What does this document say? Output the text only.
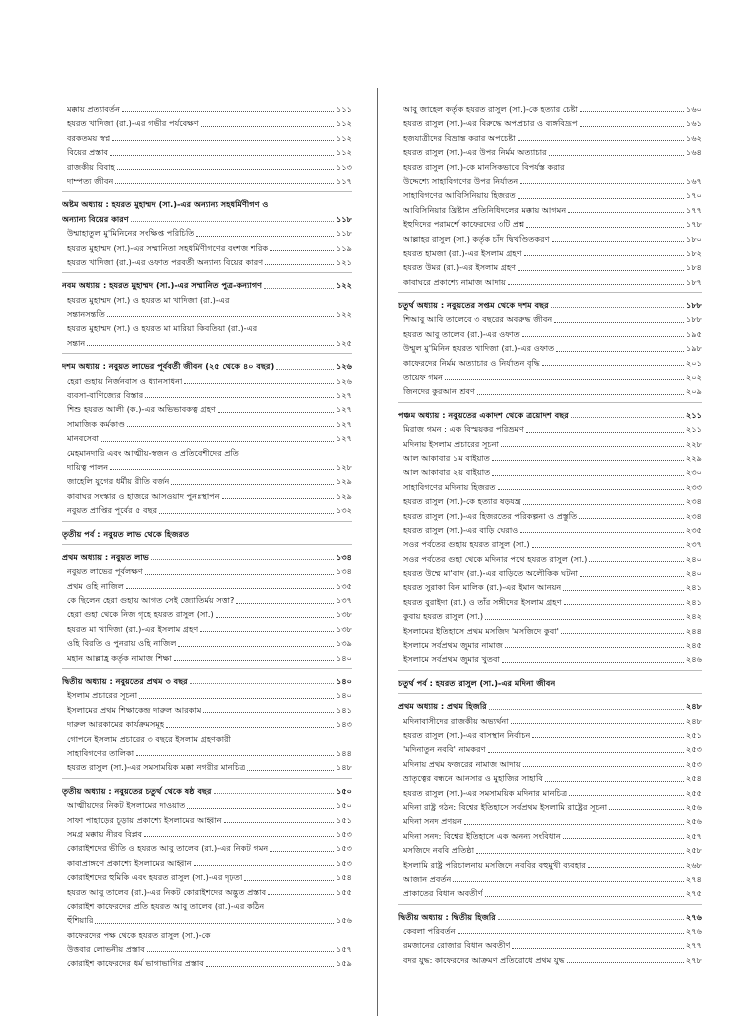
মক্কায় প্রত্যাবর্তন	১১১
হযরত খাদিজা (রা.)-এর গভীর পর্যবেক্ষণ	১১২
বরকতময় স্বপ্ন	১১২
বিয়ের প্রস্তাব	১১২
রাজকীয় বিবাহ	১১৩
দাম্পত্য জীবন	১১৭
অষ্টম অধ্যায় : হযরত মুহাম্মদ (সা.)-এর অন্যান্য সহধর্মিণীগণ ও
অন্যান্য বিয়ের কারণ	১১৮
উম্মাহাতুল মু'মিনিনের সংক্ষিপ্ত পরিচিতি	১১৮
হযরত মুহাম্মদ (সা.)-এর সম্মানিতা সহধর্মিণীগণের বংশজ শরিক	১১৯
হযরত খাদিজা (রা.)-এর ওফাত পরবর্তী অন্যান্য বিয়ের কারণ	১২১
নবম অধ্যায় : হযরত মুহাম্মদ (সা.)-এর সম্মানিত পুত্র-কন্যাগণ	১২২
হযরত মুহাম্মদ (সা.) ও হযরত মা খাদিজা (রা.)-এর
সন্তানসন্ততি	১২২
হযরত মুহাম্মদ (সা.) ও হযরত মা মারিয়া কিবতিয়া (রা.)-এর
সন্তান	১২৫
দশম অধ্যায় : নবুয়ত লাভের পূর্ববর্তী জীবন (২৫ থেকে ৪০ বছর)	১২৬
হেরা গুহায় নির্জনবাস ও ধ্যানসাধনা	১২৬
ব্যবসা-বাণিজ্যের বিস্তার	১২৭
শিশু হযরত আলী (ক.)-এর অভিভাবকত্ব গ্রহণ	১২৭
সামাজিক কর্মকাণ্ড	১২৭
মানবসেবা	১২৭
মেহমানদারি এবং আত্মীয়-স্বজন ও প্রতিবেশীদের প্রতি
দায়িত্ব পালন	১২৮
জাহেলি যুগের ধর্মীয় রীতি বর্জন	১২৯
কাবাঘর সংস্কার ও হাজরে আসওয়াদ পুনঃস্থাপন	১২৯
নবুয়ত প্রাপ্তির পূর্বের ৫ বছর	১৩২
তৃতীয় পর্ব : নবুয়ত লাভ থেকে হিজরত
প্রথম অধ্যায় : নবুয়ত লাভ	১৩৪
নবুয়ত লাভের পূর্বলক্ষণ	১৩৪
প্রথম ওহি নাজিল	১৩৫
কে ছিলেন হেরা গুহায় আগত সেই জ্যোতির্ময় সত্তা?	১৩৭
হেরা গুহা থেকে নিজ গৃহে হযরত রাসুল (সা.)	১৩৮
হযরত মা খাদিজা (রা.)-এর ইসলাম গ্রহণ	১৩৮
ওহি বিরতি ও পুনরায় ওহি নাজিল	১৩৯
মহান আল্লাহ্র কর্তৃক নামাজ শিক্ষা	১৪০
দ্বিতীয় অধ্যায় : নবুয়তের প্রথম ৩ বছর	১৪০
ইসলাম প্রচারের সূচনা	১৪০
ইসলামের প্রথম শিক্ষাকেন্দ্র দারুল আরকাম	১৪১
দারুল আরকামের কার্যক্রমসমূহ	১৪৩
গোপনে ইসলাম প্রচারের ৩ বছরে ইসলাম গ্রহণকারী
সাহাবিগণের তালিকা	১৪৪
হযরত রাসুল (সা.)-এর সমসাময়িক মক্কা নগরীর মানচিত্র	১৪৮
তৃতীয় অধ্যায় : নবুয়তের চতুর্থ থেকে ষষ্ঠ বছর	১৫০
আত্মীয়দের নিকট ইসলামের দাওয়াত	১৫০
সাফা পাহাড়ের চূড়ায় প্রকাশ্যে ইসলামের আহ্বান	১৫১
সমগ্র মক্কায় নীরব বিপ্লব	১৫৩
কোরাইশদের ভীতি ও হযরত আবু তালেব (রা.)-এর নিকট গমন	১৫৩
কাবাপ্রাঙ্গণে প্রকাশ্যে ইসলামের আহ্বান	১৫৩
কোরাইশদের হুমিকি এবং হযরত রাসুল (সা.)-এর দৃঢ়তা	১৫৪
হযরত আবু তালেব (রা.)-এর নিকট কোরাইশদের অদ্ভুত প্রস্তাব	১৫৫
কোরাইশ কাফেরদের প্রতি হযরত আবু তালেব (রা.)-এর কঠিন
হুঁশিয়ারি	১৫৬
কাফেরদের পক্ষ থেকে হযরত রাসুল (সা.)-কে
উত্তবার লোভনীয় প্রস্তাব	১৫৭
কোরাইশ কাফেরদের ধর্ম ভাগাভাগির প্রস্তাব	১৫৯
আবু জাহেল কর্তৃক হযরত রাসুল (সা.)-কে হত্যার চেষ্টা	১৬০
হযরত রাসুল (সা.)-এর বিরুদ্ধে অপপ্রচার ও ব্যঙ্গবিদ্রূপ	১৬১
হজযাত্রীদের বিভ্রান্ত করার অপচেষ্টা	১৬২
হযরত রাসুল (সা.)-এর উপর নির্মম অত্যাচার	১৬৪
হযরত রাসুল (সা.)-কে মানসিকভাবে বিপর্যস্ত করার
উদ্দেশ্যে সাহাবিগণের উপর নির্যাতন	১৬৭
সাহাবিগণের আবিসিনিয়ায় হিজরত	১৭০
আবিসিনিয়ার খ্রিষ্টান প্রতিনিধিদলের মক্কায় আগমন	১৭৭
ইহুদিদের পরামর্শে কাফেরদের ৩টি প্রশ্ন	১৭৮
আল্লাহর রাসুল (সা.) কর্তৃক চাঁদ দ্বিখণ্ডিতকরণ	১৮০
হযরত হামজা (রা.)-এর ইসলাম গ্রহণ	১৮২
হযরত উমর (রা.)-এর ইসলাম গ্রহণ	১৮৪
কাবাঘরে প্রকাশ্যে নামাজ আদায়	১৮৭
চতুর্থ অধ্যায় : নবুয়তের সপ্তম থেকে দশম বছর	১৮৮
শিআবু আবি তালেবে ৩ বছরের অবরুদ্ধ জীবন	১৮৮
হযরত আবু তালেব (রা.)-এর ওফাত	১৯৫
উম্মুল মু'মিনিন হযরত খাদিজা (রা.)-এর ওফাত	১৯৮
কাফেরদের নির্মম অত্যাচার ও নির্যাতন বৃদ্ধি	২০১
তায়েফ গমন	২০২
জিনদের কুরআন শ্রবণ	২০৯
পঞ্চম অধ্যায় : নবুয়তের একাদশ থেকে ত্রয়োদশ বছর	২১১
মিরাজ গমন : এক বিস্ময়কর পরিভ্রমণ	২১১
মদিনায় ইসলাম প্রচারের সূচনা	২২৮
আল আকাবার ১ম বাইয়াত	২২৯
আল আকাবার ২য় বাইয়াত	২৩০
সাহাবিগণের মদিনায় হিজরত	২৩৩
হযরত রাসুল (সা.)-কে হত্যার ষড়যন্ত্র	২৩৪
হযরত রাসুল (সা.)-এর হিজরতের পরিকল্পনা ও প্রস্তুতি	২৩৪
হযরত রাসুল (সা.)-এর বাড়ি ঘেরাও	২৩৫
সওর পর্বতের গুহায় হযরত রাসুল (সা.)	২৩৭
সওর পর্বতের গুহা থেকে মদিনার পথে হযরত রাসুল (সা.)	২৪০
হযরত উম্মে মা'বাদ (রা.)-এর বাড়িতে অলৌকিক ঘটনা	২৪০
হযরত সুরাকা বিন মালিক (রা.)-এর ইমান আনয়ন	২৪১
হযরত বুরাইদা (রা.) ও তাঁর সঙ্গীদের ইসলাম গ্রহণ	২৪১
কুবায় হযরত রাসুল (সা.)	২৪২
ইসলামের ইতিহাসে প্রথম মসজিদ 'মসজিদে কুবা'	২৪৪
ইসলামে সর্বপ্রথম জুমার নামাজ	২৪৫
ইসলামে সর্বপ্রথম জুমার খুতবা	২৪৬
চতুর্থ পর্ব : হযরত রাসুল (সা.)-এর মদিনা জীবন
প্রথম অধ্যায় : প্রথম হিজরি	২৪৮
মদিনাবাসীদের রাজকীয় অভ্যর্থনা	২৪৮
হযরত রাসুল (সা.)-এর বাসস্থান নির্বাচন	২৫১
'মদিনাতুন নববি' নামকরণ	২৫৩
মদিনায় প্রথম ফজরের নামাজ আদায়	২৫৩
ভ্রাতৃত্বের বন্ধনে আনসার ও মুহাজির সাহাবি	২৫৪
হযরত রাসুল (সা.)-এর সমসাময়িক মদিনার মানচিত্র	২৫৫
মদিনা রাষ্ট্র গঠন: বিশ্বের ইতিহাসে সর্বপ্রথম ইসলামি রাষ্ট্রের সূচনা	২৫৬
মদিনা সনদ প্রণয়ন	২৫৬
মদিনা সনদ: বিশ্বের ইতিহাসে এক অনন্য সংবিধান	২৫৭
মসজিদে নববি প্রতিষ্ঠা	২৫৮
ইসলামি রাষ্ট্র পরিচালনায় মসজিদে নববির বহুমুখী ব্যবহার	২৬৮
আজান প্রবর্তন	২৭৪
প্রাকাতের বিধান অবতীর্ণ	২৭৫
দ্বিতীয় অধ্যায় : দ্বিতীয় হিজরি	২৭৬
কেবলা পরিবর্তন	২৭৬
রমজানের রোজার বিধান অবতীর্ণ	২৭৭
বদর যুদ্ধ: কাফেরদের আক্রমণ প্রতিরোধে প্রথম যুদ্ধ	২৭৮
